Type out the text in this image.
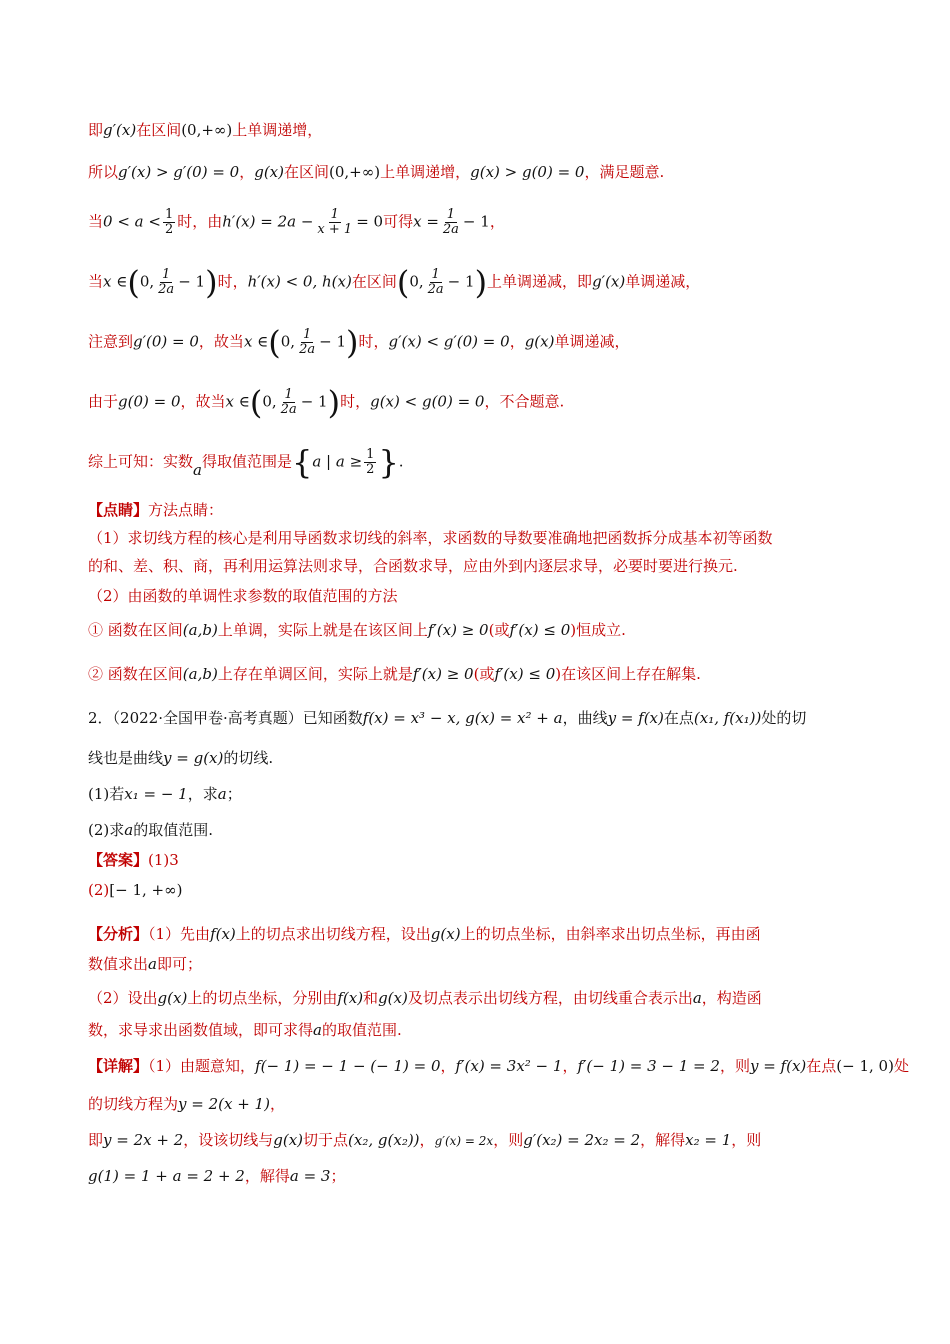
即g′(x)在区间(0,+∞)上单调递增，
所以g′(x) > g′(0) = 0，g(x)在区间(0,+∞)上单调递增，g(x) > g(0) = 0，满足题意.
当$0 < a < \frac{1}{2}$ 时，由$h'(x) = 2a - \frac{1}{x + 1} = 0$可得$x = \frac{1}{2a} - 1$，
当x ∈(0, $\frac{1}{2a} - 1$)时，h′(x) < 0, h(x)在区间(0, $\frac{1}{2a} - 1$)上单调递减，即g′(x)单调递减，
注意到g′(0) = 0，故当x ∈(0, $\frac{1}{2a} - 1$)时，g′(x) < g′(0) = 0，g(x)单调递减，
由于g(0) = 0，故当x ∈(0, $\frac{1}{2a} - 1$)时，g(x) < g(0) = 0，不合题意.
综上可知：实数a得取值范围是{a | $a \ge \frac{1}{2}$ }.
【点睛】方法点睛：
（1）求切线方程的核心是利用导函数求切线的斜率，求函数的导数要准确地把函数拆分成基本初等函数
的和、差、积、商，再利用运算法则求导，合函数求导，应由外到内逐层求导，必要时要进行换元.
（2）由函数的单调性求参数的取值范围的方法
① 函数在区间(a,b)上单调，实际上就是在该区间上f′(x) ≥ 0(或f′(x) ≤ 0)恒成立.
② 函数在区间(a,b)上存在单调区间，实际上就是f′(x) ≥ 0(或f′(x) ≤ 0)在该区间上存在解集.
2．（2022·全国甲卷·高考真题）已知函数f(x) = x³ − x, g(x) = x² + a，曲线y = f(x)在点(x₁, f(x₁))处的切
线也是曲线y = g(x)的切线.
(1)若x₁ = − 1，求a；
(2)求a的取值范围.
【答案】(1)3
(2)[− 1, +∞)
【分析】（1）先由f(x)上的切点求出切线方程，设出g(x)上的切点坐标，由斜率求出切点坐标，再由函
数值求出a即可；
（2）设出g(x)上的切点坐标，分别由f(x)和g(x)及切点表示出切线方程，由切线重合表示出a，构造函
数，求导求出函数值域，即可求得a的取值范围.
【详解】（1）由题意知，f(− 1) = − 1 − (− 1) = 0，f′(x) = 3x² − 1，f′(− 1) = 3 − 1 = 2，则y = f(x)在点(− 1, 0)处
的切线方程为y = 2(x + 1)，
即y = 2x + 2，设该切线与g(x)切于点(x₂, g(x₂))，g′(x) = 2x，则g′(x₂) = 2x₂ = 2，解得x₂ = 1，则
g(1) = 1 + a = 2 + 2，解得a = 3；
